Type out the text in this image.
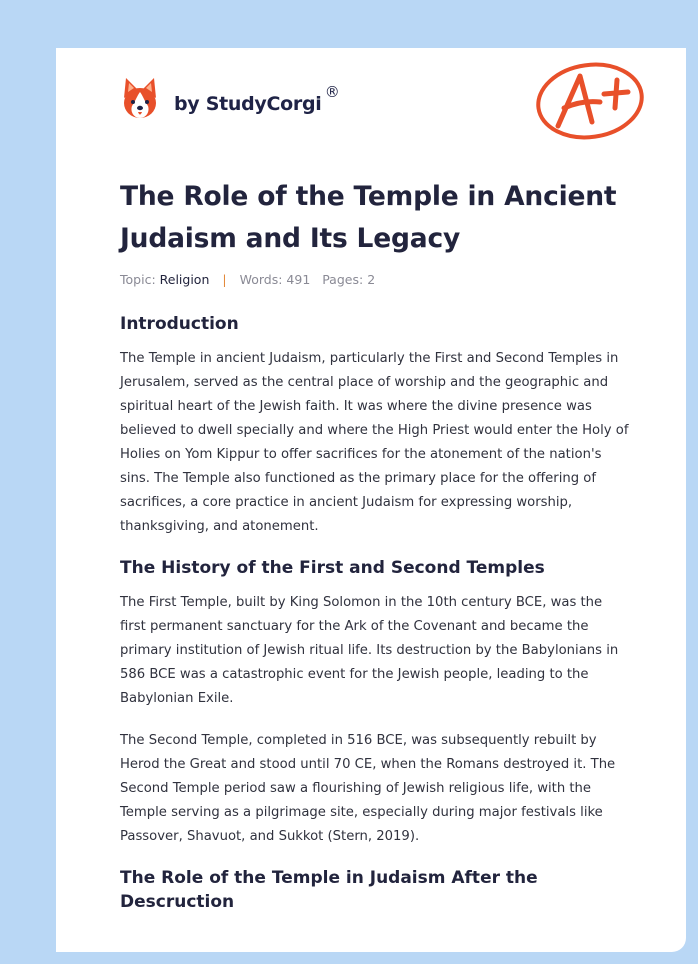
by StudyCorgi
®
The Role of the Temple in Ancient Judaism and Its Legacy
Topic: Religion | Words: 491 Pages: 2
Introduction

The Temple in ancient Judaism, particularly the First and Second Temples in Jerusalem, served as the central place of worship and the geographic and spiritual heart of the Jewish faith. It was where the divine presence was believed to dwell specially and where the High Priest would enter the Holy of Holies on Yom Kippur to offer sacrifices for the atonement of the nation's sins. The Temple also functioned as the primary place for the offering of sacrifices, a core practice in ancient Judaism for expressing worship, thanksgiving, and atonement.

The History of the First and Second Temples

The First Temple, built by King Solomon in the 10th century BCE, was the first permanent sanctuary for the Ark of the Covenant and became the primary institution of Jewish ritual life. Its destruction by the Babylonians in 586 BCE was a catastrophic event for the Jewish people, leading to the Babylonian Exile.

The Second Temple, completed in 516 BCE, was subsequently rebuilt by Herod the Great and stood until 70 CE, when the Romans destroyed it. The Second Temple period saw a flourishing of Jewish religious life, with the Temple serving as a pilgrimage site, especially during major festivals like Passover, Shavuot, and Sukkot (Stern, 2019).

The Role of the Temple in Judaism After the Descruction
